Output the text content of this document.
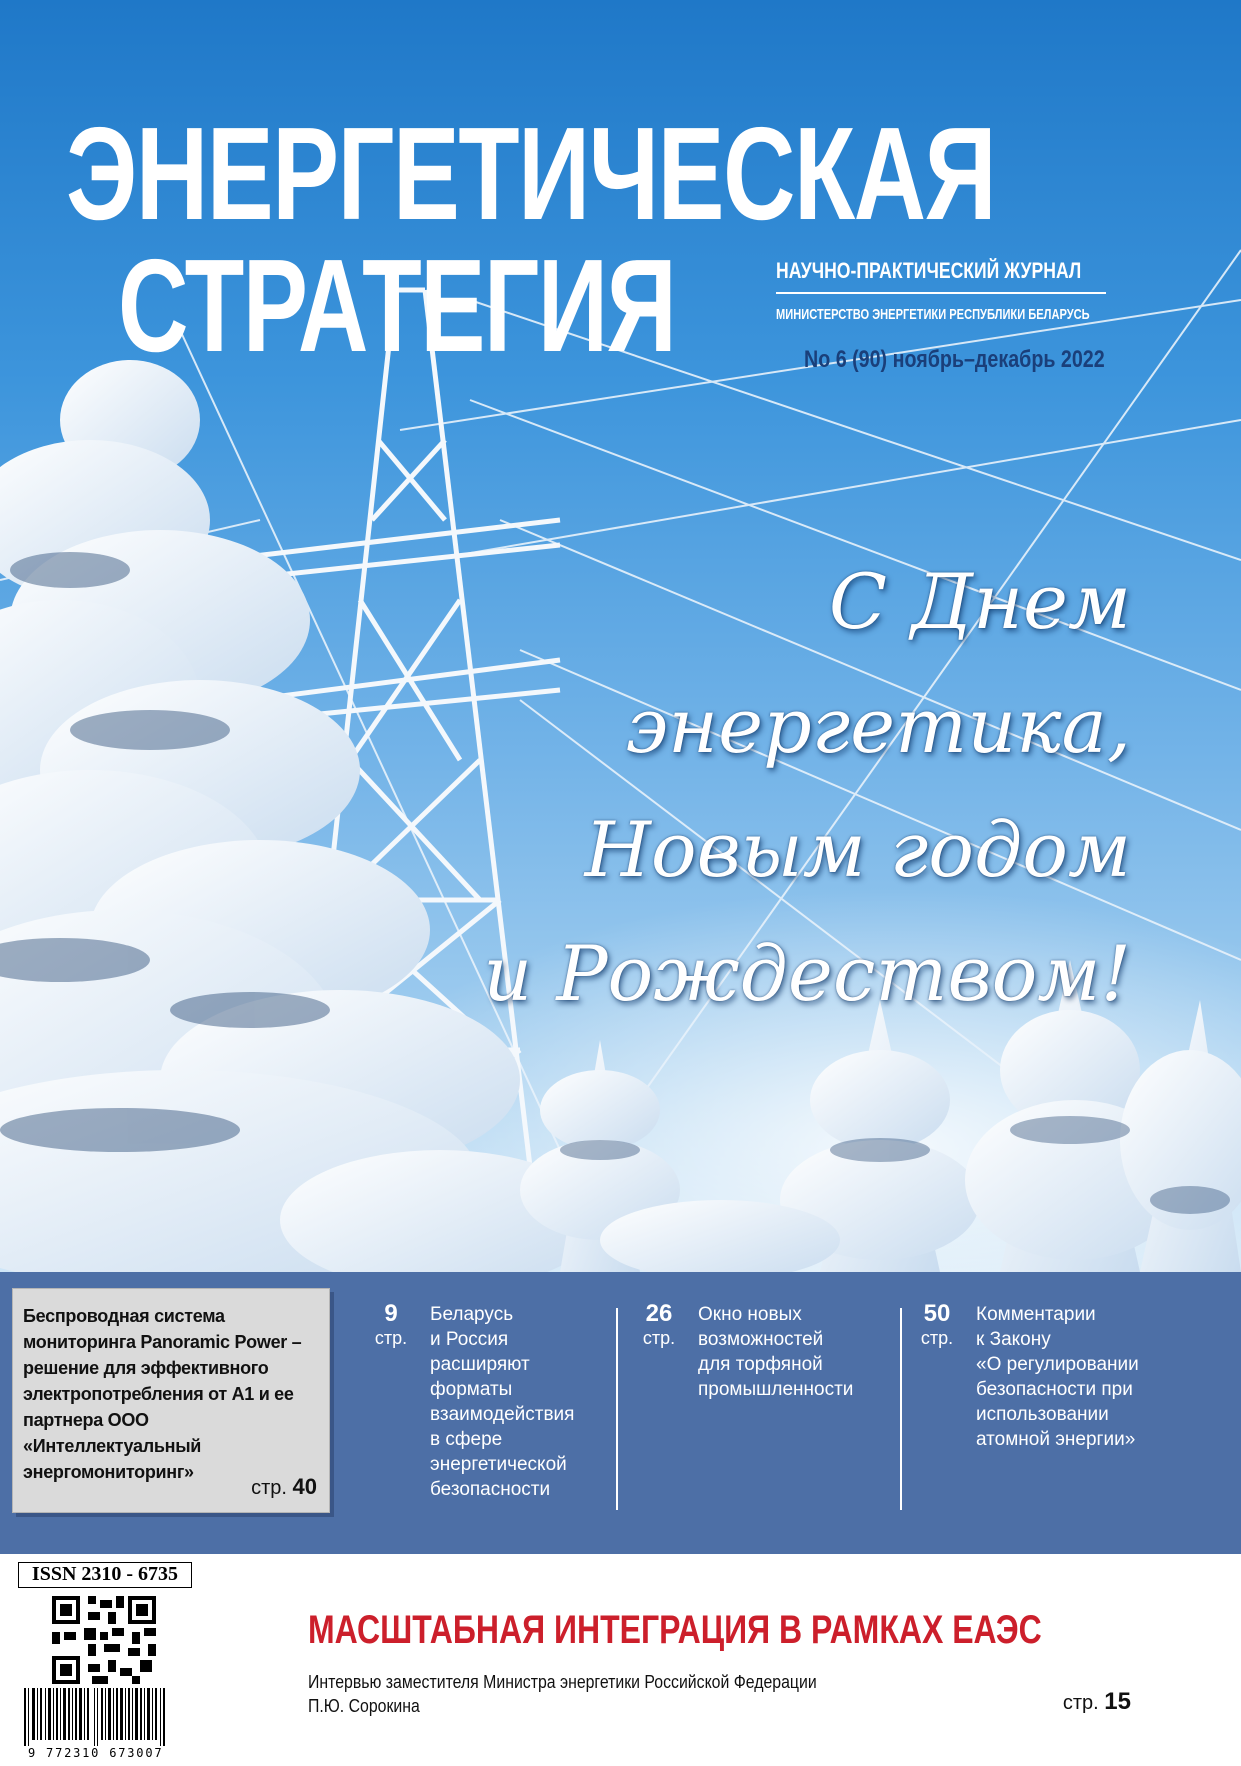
ЭНЕРГЕТИЧЕСКАЯ
СТРАТЕГИЯ	НАУЧНО-ПРАКТИЧЕСКИЙ ЖУРНАЛ
МИНИСТЕРСТВО ЭНЕРГЕТИКИ РЕСПУБЛИКИ БЕЛАРУСЬ
No 6 (90) ноябрь–декабрь 2022
С Днем
энергетика,
Новым годом
и Рождеством!
Беспроводная система мониторинга Panoramic Power – решение для эффективного электропотребления от А1 и ее партнера ООО «Интеллектуальный энергомониторинг»
стр. 40
9
стр.
Беларусь
и Россия
расширяют
форматы
взаимодействия
в сфере
энергетической
безопасности
26
стр.
Окно новых
возможностей
для торфяной
промышленности
50
стр.
Комментарии
к Закону
«О регулировании
безопасности при
использовании
атомной энергии»
ISSN 2310 - 6735
9 772310 673007
МАСШТАБНАЯ ИНТЕГРАЦИЯ В РАМКАХ ЕАЭС
Интервью заместителя Министра энергетики Российской Федерации
П.Ю. Сорокина	стр. 15
